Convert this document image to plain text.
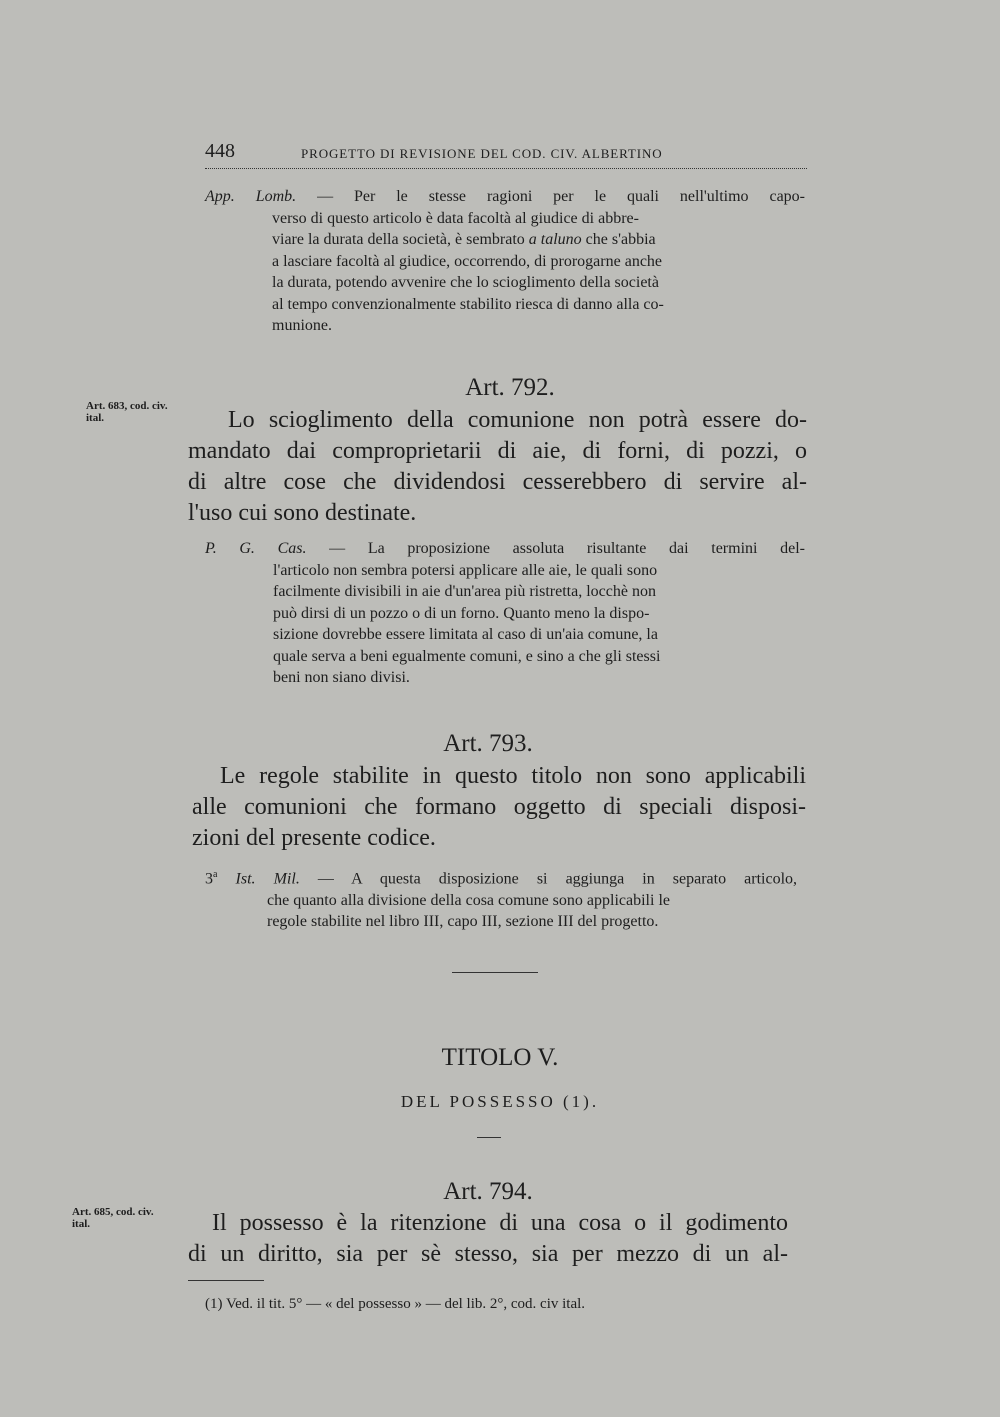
448	PROGETTO DI REVISIONE DEL COD. CIV. ALBERTINO
App. Lomb. — Per le stesse ragioni per le quali nell'ultimo capo-
verso di questo articolo è data facoltà al giudice di abbre-
viare la durata della società, è sembrato a taluno che s'abbia
a lasciare facoltà al giudice, occorrendo, di prorogarne anche
la durata, potendo avvenire che lo scioglimento della società
al tempo convenzionalmente stabilito riesca di danno alla co-
munione.
Art. 792.
Art. 683, cod. civ.
ital.	Lo scioglimento della comunione non potrà essere do-
mandato dai comproprietarii di aie, di forni, di pozzi, o
di altre cose che dividendosi cesserebbero di servire al-
l'uso cui sono destinate.
P. G. Cas. — La proposizione assoluta risultante dai termini del-
l'articolo non sembra potersi applicare alle aie, le quali sono
facilmente divisibili in aie d'un'area più ristretta, locchè non
può dirsi di un pozzo o di un forno. Quanto meno la dispo-
sizione dovrebbe essere limitata al caso di un'aia comune, la
quale serva a beni egualmente comuni, e sino a che gli stessi
beni non siano divisi.
Art. 793.
Le regole stabilite in questo titolo non sono applicabili
alle comunioni che formano oggetto di speciali disposi-
zioni del presente codice.
3$^a$ Ist. Mil. — A questa disposizione si aggiunga in separato articolo,
che quanto alla divisione della cosa comune sono applicabili le
regole stabilite nel libro III, capo III, sezione III del progetto.
TITOLO V.
DEL POSSESSO (1).
Art. 794.
Art. 685, cod. civ.
ital.	Il possesso è la ritenzione di una cosa o il godimento
di un diritto, sia per sè stesso, sia per mezzo di un al-
(1) Ved. il tit. 5° — « del possesso » — del lib. 2°, cod. civ ital.
